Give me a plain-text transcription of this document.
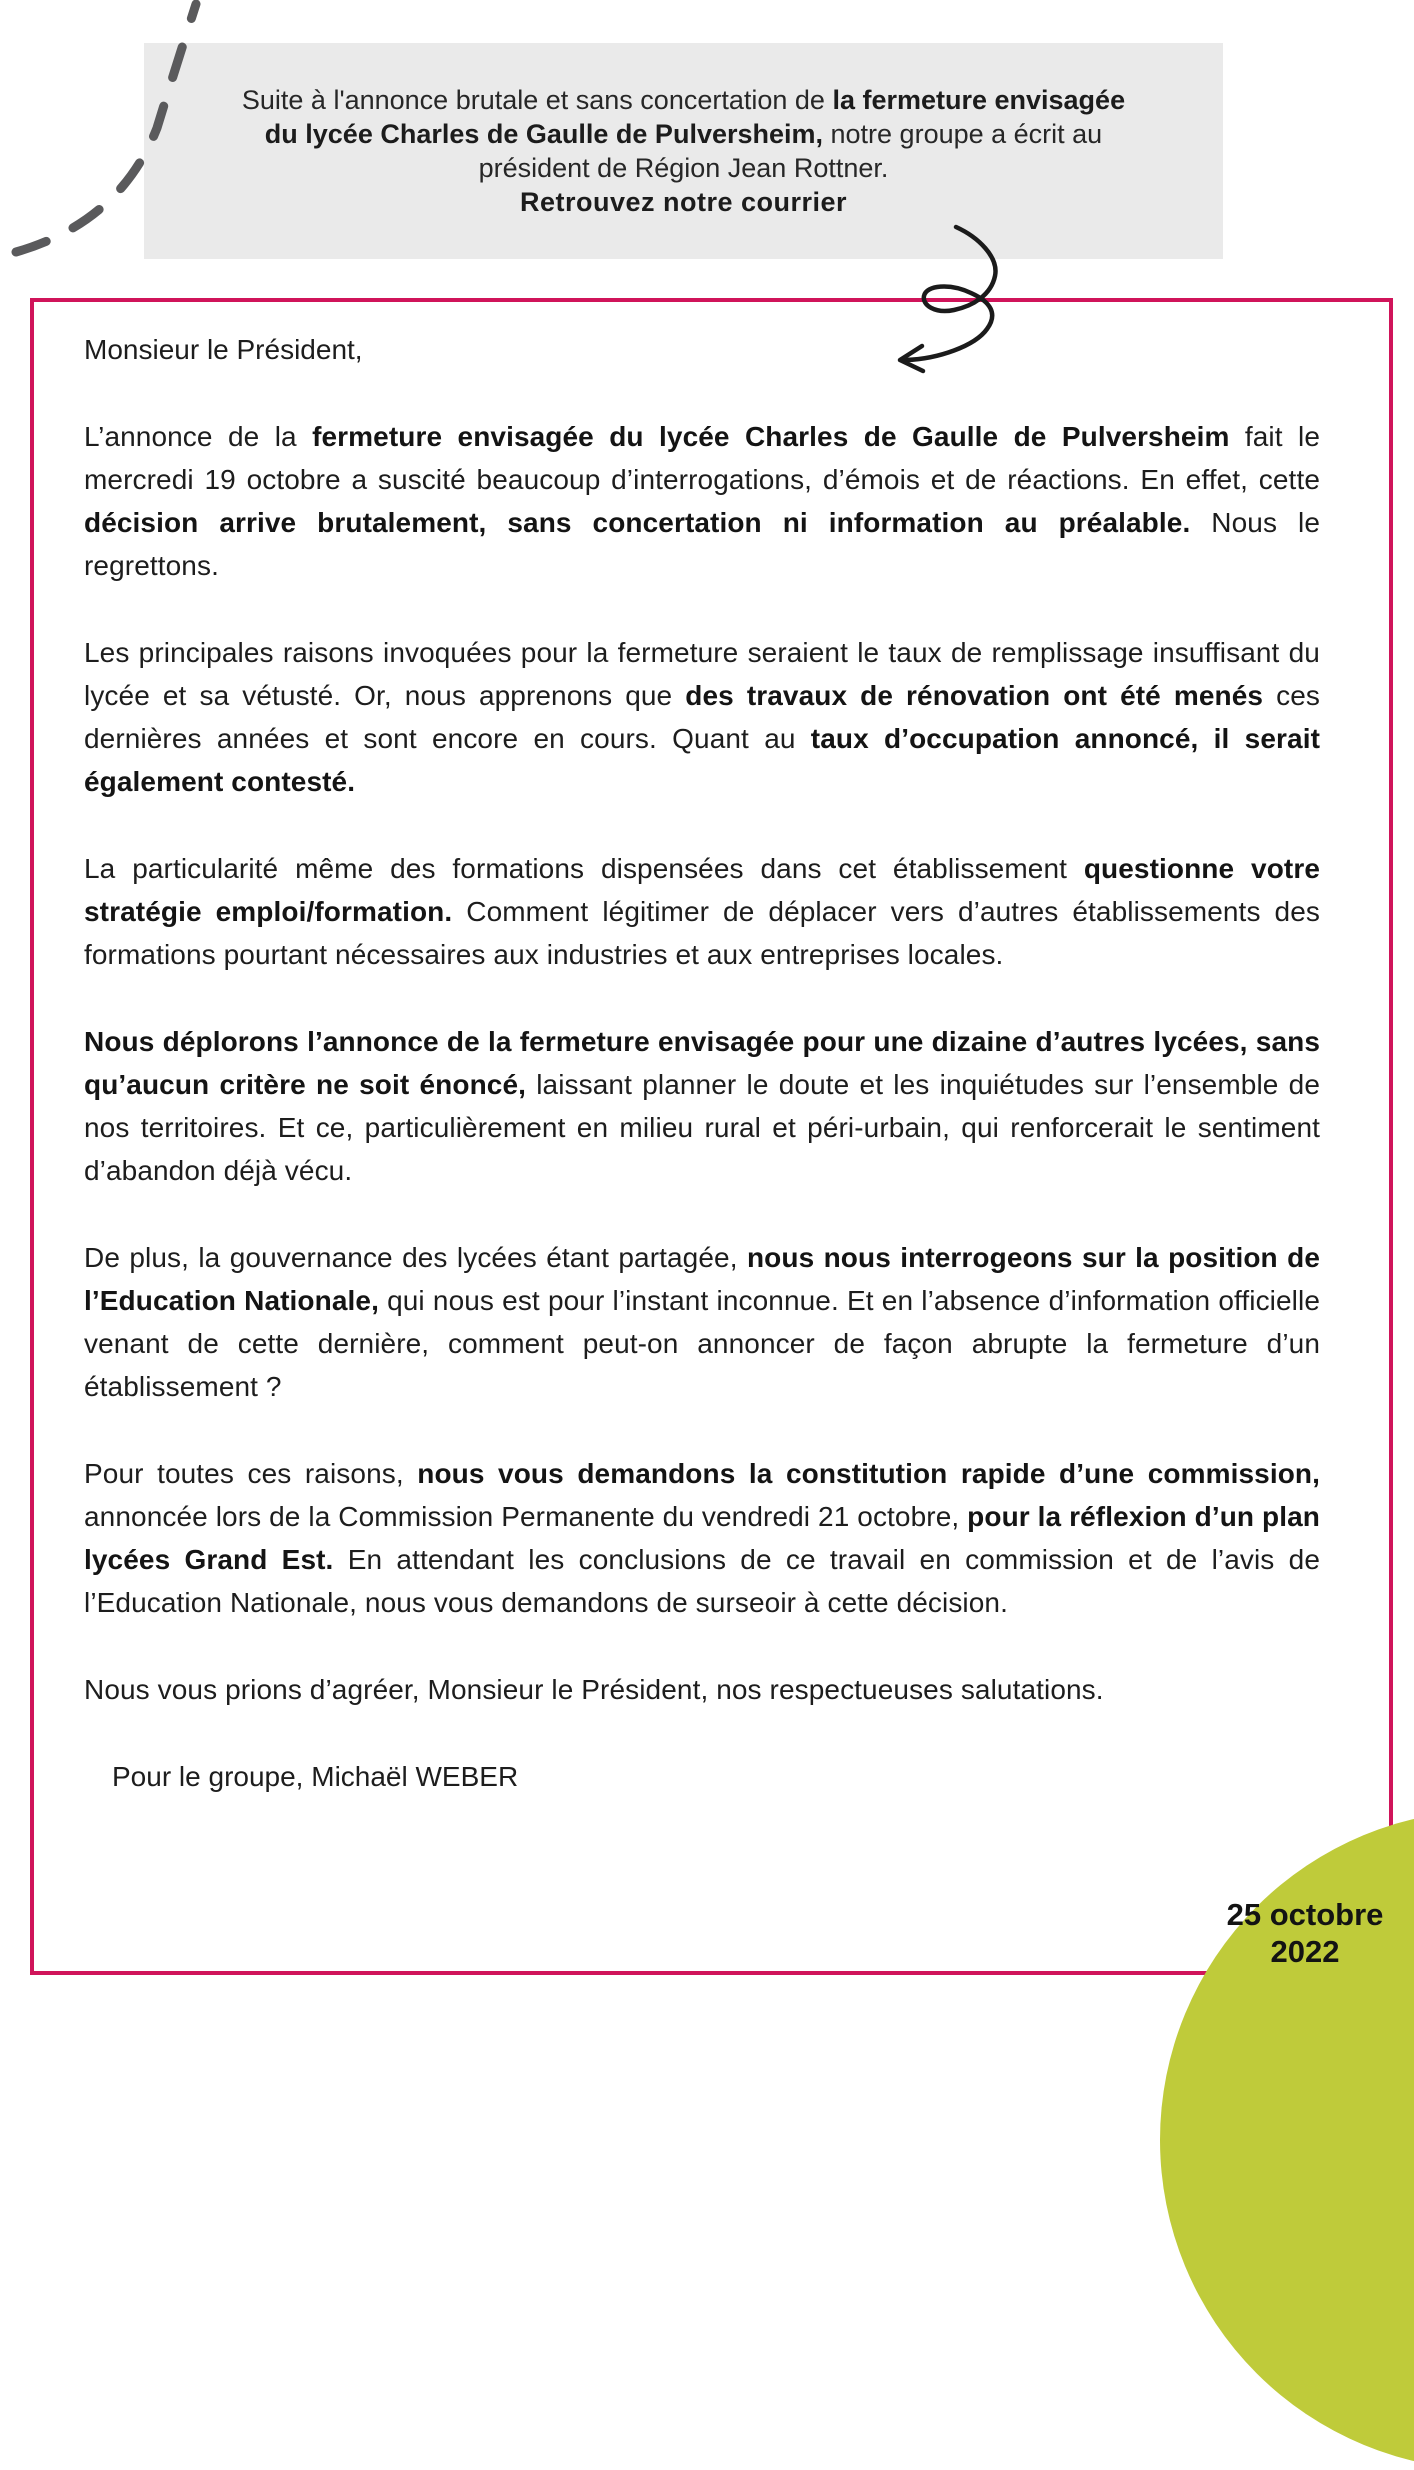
Suite à l'annonce brutale et sans concertation de la fermeture envisagée du lycée Charles de Gaulle de Pulversheim, notre groupe a écrit au président de Région Jean Rottner.

Retrouvez notre courrier

Monsieur le Président,

L’annonce de la fermeture envisagée du lycée Charles de Gaulle de Pulversheim fait le mercredi 19 octobre a suscité beaucoup d’interrogations, d’émois et de réactions. En effet, cette décision arrive brutalement, sans concertation ni information au préalable. Nous le regrettons.

Les principales raisons invoquées pour la fermeture seraient le taux de remplissage insuffisant du lycée et sa vétusté. Or, nous apprenons que des travaux de rénovation ont été menés ces dernières années et sont encore en cours. Quant au taux d’occupation annoncé, il serait également contesté.

La particularité même des formations dispensées dans cet établissement questionne votre stratégie emploi/formation. Comment légitimer de déplacer vers d’autres établissements des formations pourtant nécessaires aux industries et aux entreprises locales.

Nous déplorons l’annonce de la fermeture envisagée pour une dizaine d’autres lycées, sans qu’aucun critère ne soit énoncé, laissant planner le doute et les inquiétudes sur l’ensemble de nos territoires. Et ce, particulièrement en milieu rural et péri-urbain, qui renforcerait le sentiment d’abandon déjà vécu.

De plus, la gouvernance des lycées étant partagée, nous nous interrogeons sur la position de l’Education Nationale, qui nous est pour l’instant inconnue. Et en l’absence d’information officielle venant de cette dernière, comment peut-on annoncer de façon abrupte la fermeture d’un établissement ?

Pour toutes ces raisons, nous vous demandons la constitution rapide d’une commission, annoncée lors de la Commission Permanente du vendredi 21 octobre, pour la réflexion d’un plan lycées Grand Est. En attendant les conclusions de ce travail en commission et de l’avis de l’Education Nationale, nous vous demandons de surseoir à cette décision.

Nous vous prions d’agréer, Monsieur le Président, nos respectueuses salutations.

Pour le groupe, Michaël WEBER

25 octobre
2022
